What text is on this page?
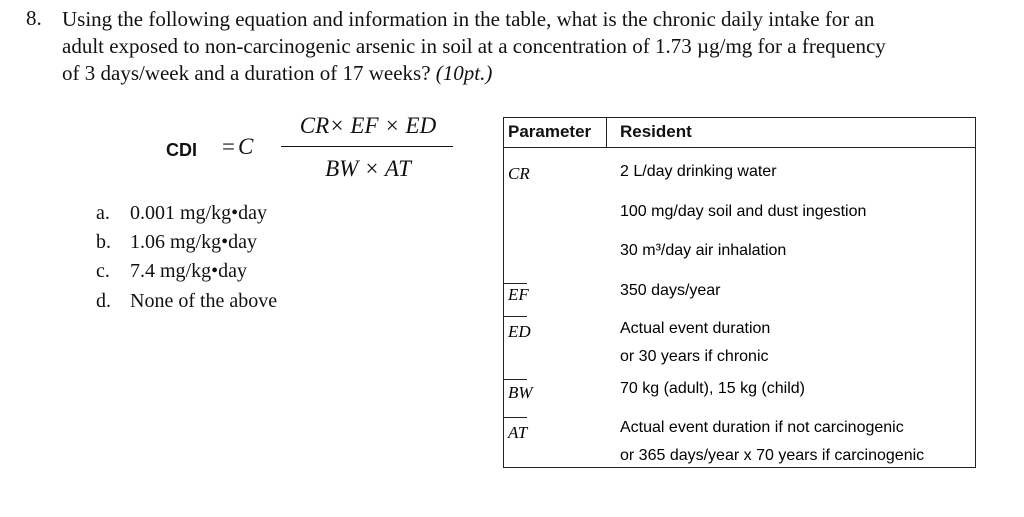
8. Using the following equation and information in the table, what is the chronic daily intake for an
adult exposed to non-carcinogenic arsenic in soil at a concentration of 1.73 µg/mg for a frequency
of 3 days/week and a duration of 17 weeks? (10pt.)
CDI = C
CR× EF × ED
BW × AT
a. 0.001 mg/kg•day
b. 1.06 mg/kg•day
c. 7.4 mg/kg•day
d. None of the above
Parameter Resident
CR
EF
ED
BW
AT
2 L/day drinking water
100 mg/day soil and dust ingestion
30 m³/day air inhalation
350 days/year
Actual event duration
or 30 years if chronic
70 kg (adult), 15 kg (child)
Actual event duration if not carcinogenic
or 365 days/year x 70 years if carcinogenic
